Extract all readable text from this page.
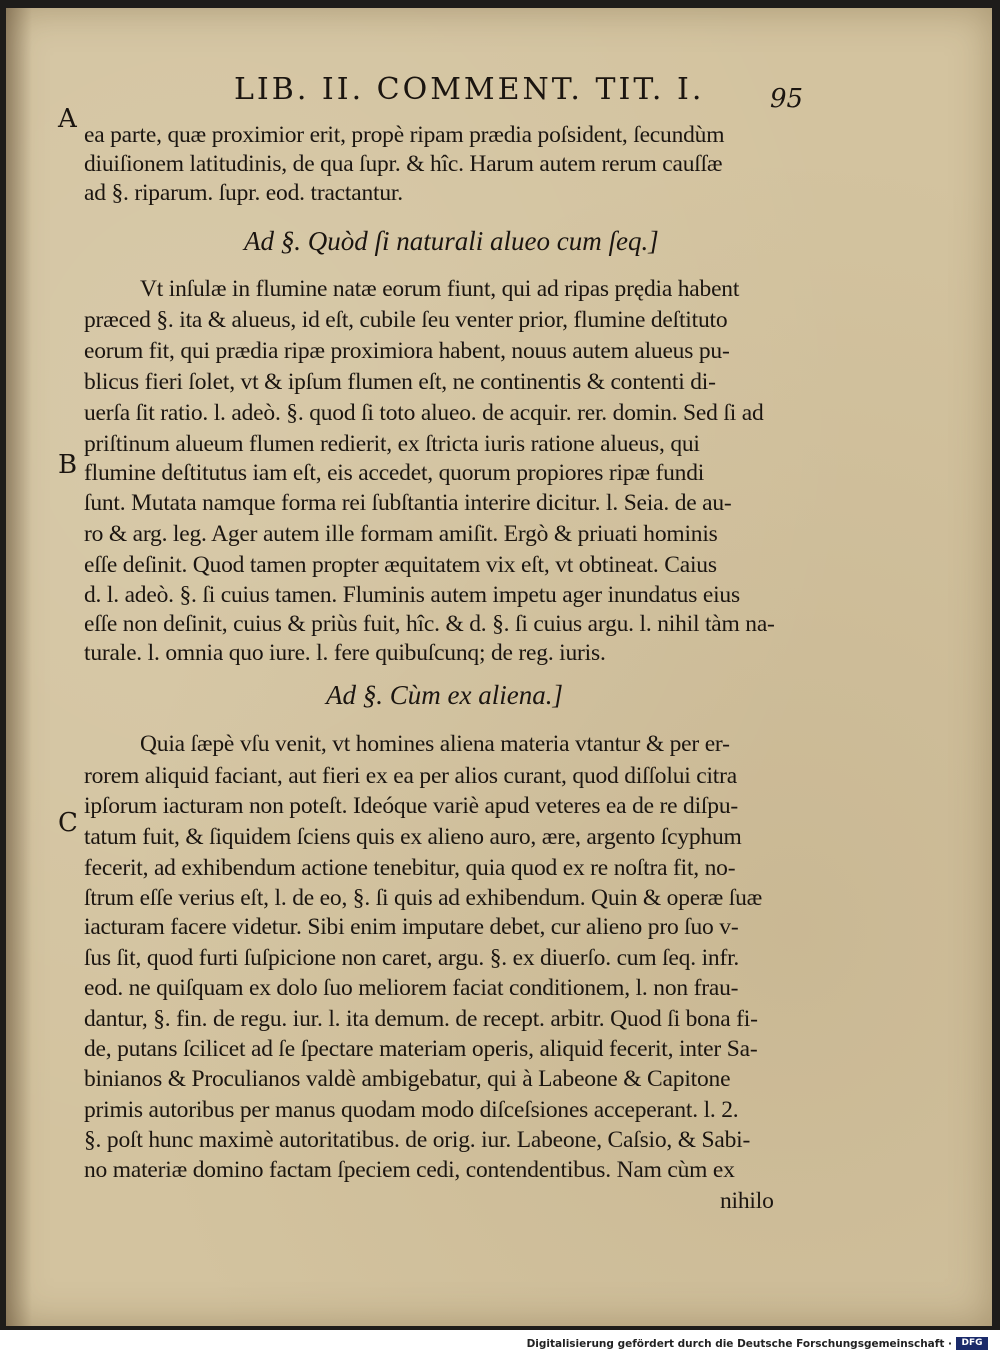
LIB. II. COMMENT. TIT. I.	95
A
B
C
ea parte, quæ proximior erit, propè ripam prædia poſsident, ſecundùm
diuiſionem latitudinis, de qua ſupr. & hîc. Harum autem rerum cauſſæ
ad §. riparum. ſupr. eod. tractantur.
Ad §. Quòd ſi naturali alueo cum ſeq.]
Vt inſulæ in flumine natæ eorum fiunt, qui ad ripas prędia habent
præced §. ita & alueus, id eſt, cubile ſeu venter prior, flumine deſtituto
eorum fit, qui prædia ripæ proximiora habent, nouus autem alueus pu-
blicus fieri ſolet, vt & ipſum flumen eſt, ne continentis & contenti di-
uerſa ſit ratio. l. adeò. §. quod ſi toto alueo. de acquir. rer. domin. Sed ſi ad
priſtinum alueum flumen redierit, ex ſtricta iuris ratione alueus, qui
flumine deſtitutus iam eſt, eis accedet, quorum propiores ripæ fundi
ſunt. Mutata namque forma rei ſubſtantia interire dicitur. l. Seia. de au-
ro & arg. leg. Ager autem ille formam amiſit. Ergò & priuati hominis
eſſe deſinit. Quod tamen propter æquitatem vix eſt, vt obtineat. Caius
d. l. adeò. §. ſi cuius tamen. Fluminis autem impetu ager inundatus eius
eſſe non deſinit, cuius & priùs fuit, hîc. & d. §. ſi cuius argu. l. nihil tàm na-
turale. l. omnia quo iure. l. fere quibuſcunq; de reg. iuris.
Ad §. Cùm ex aliena.]
Quia ſæpè vſu venit, vt homines aliena materia vtantur & per er-
rorem aliquid faciant, aut fieri ex ea per alios curant, quod diſſolui citra
ipſorum iacturam non poteſt. Ideóque variè apud veteres ea de re diſpu-
tatum fuit, & ſiquidem ſciens quis ex alieno auro, ære, argento ſcyphum
fecerit, ad exhibendum actione tenebitur, quia quod ex re noſtra fit, no-
ſtrum eſſe verius eſt, l. de eo, §. ſi quis ad exhibendum. Quin & operæ ſuæ
iacturam facere videtur. Sibi enim imputare debet, cur alieno pro ſuo v-
ſus ſit, quod furti ſuſpicione non caret, argu. §. ex diuerſo. cum ſeq. infr.
eod. ne quiſquam ex dolo ſuo meliorem faciat conditionem, l. non frau-
dantur, §. fin. de regu. iur. l. ita demum. de recept. arbitr. Quod ſi bona fi-
de, putans ſcilicet ad ſe ſpectare materiam operis, aliquid fecerit, inter Sa-
binianos & Proculianos valdè ambigebatur, qui à Labeone & Capitone
primis autoribus per manus quodam modo diſceſsiones acceperant. l. 2.
§. poſt hunc maximè autoritatibus. de orig. iur. Labeone, Caſsio, & Sabi-
no materiæ domino factam ſpeciem cedi, contendentibus. Nam cùm ex
nihilo
Digitalisierung gefördert durch die Deutsche Forschungsgemeinschaft ·	DFG
